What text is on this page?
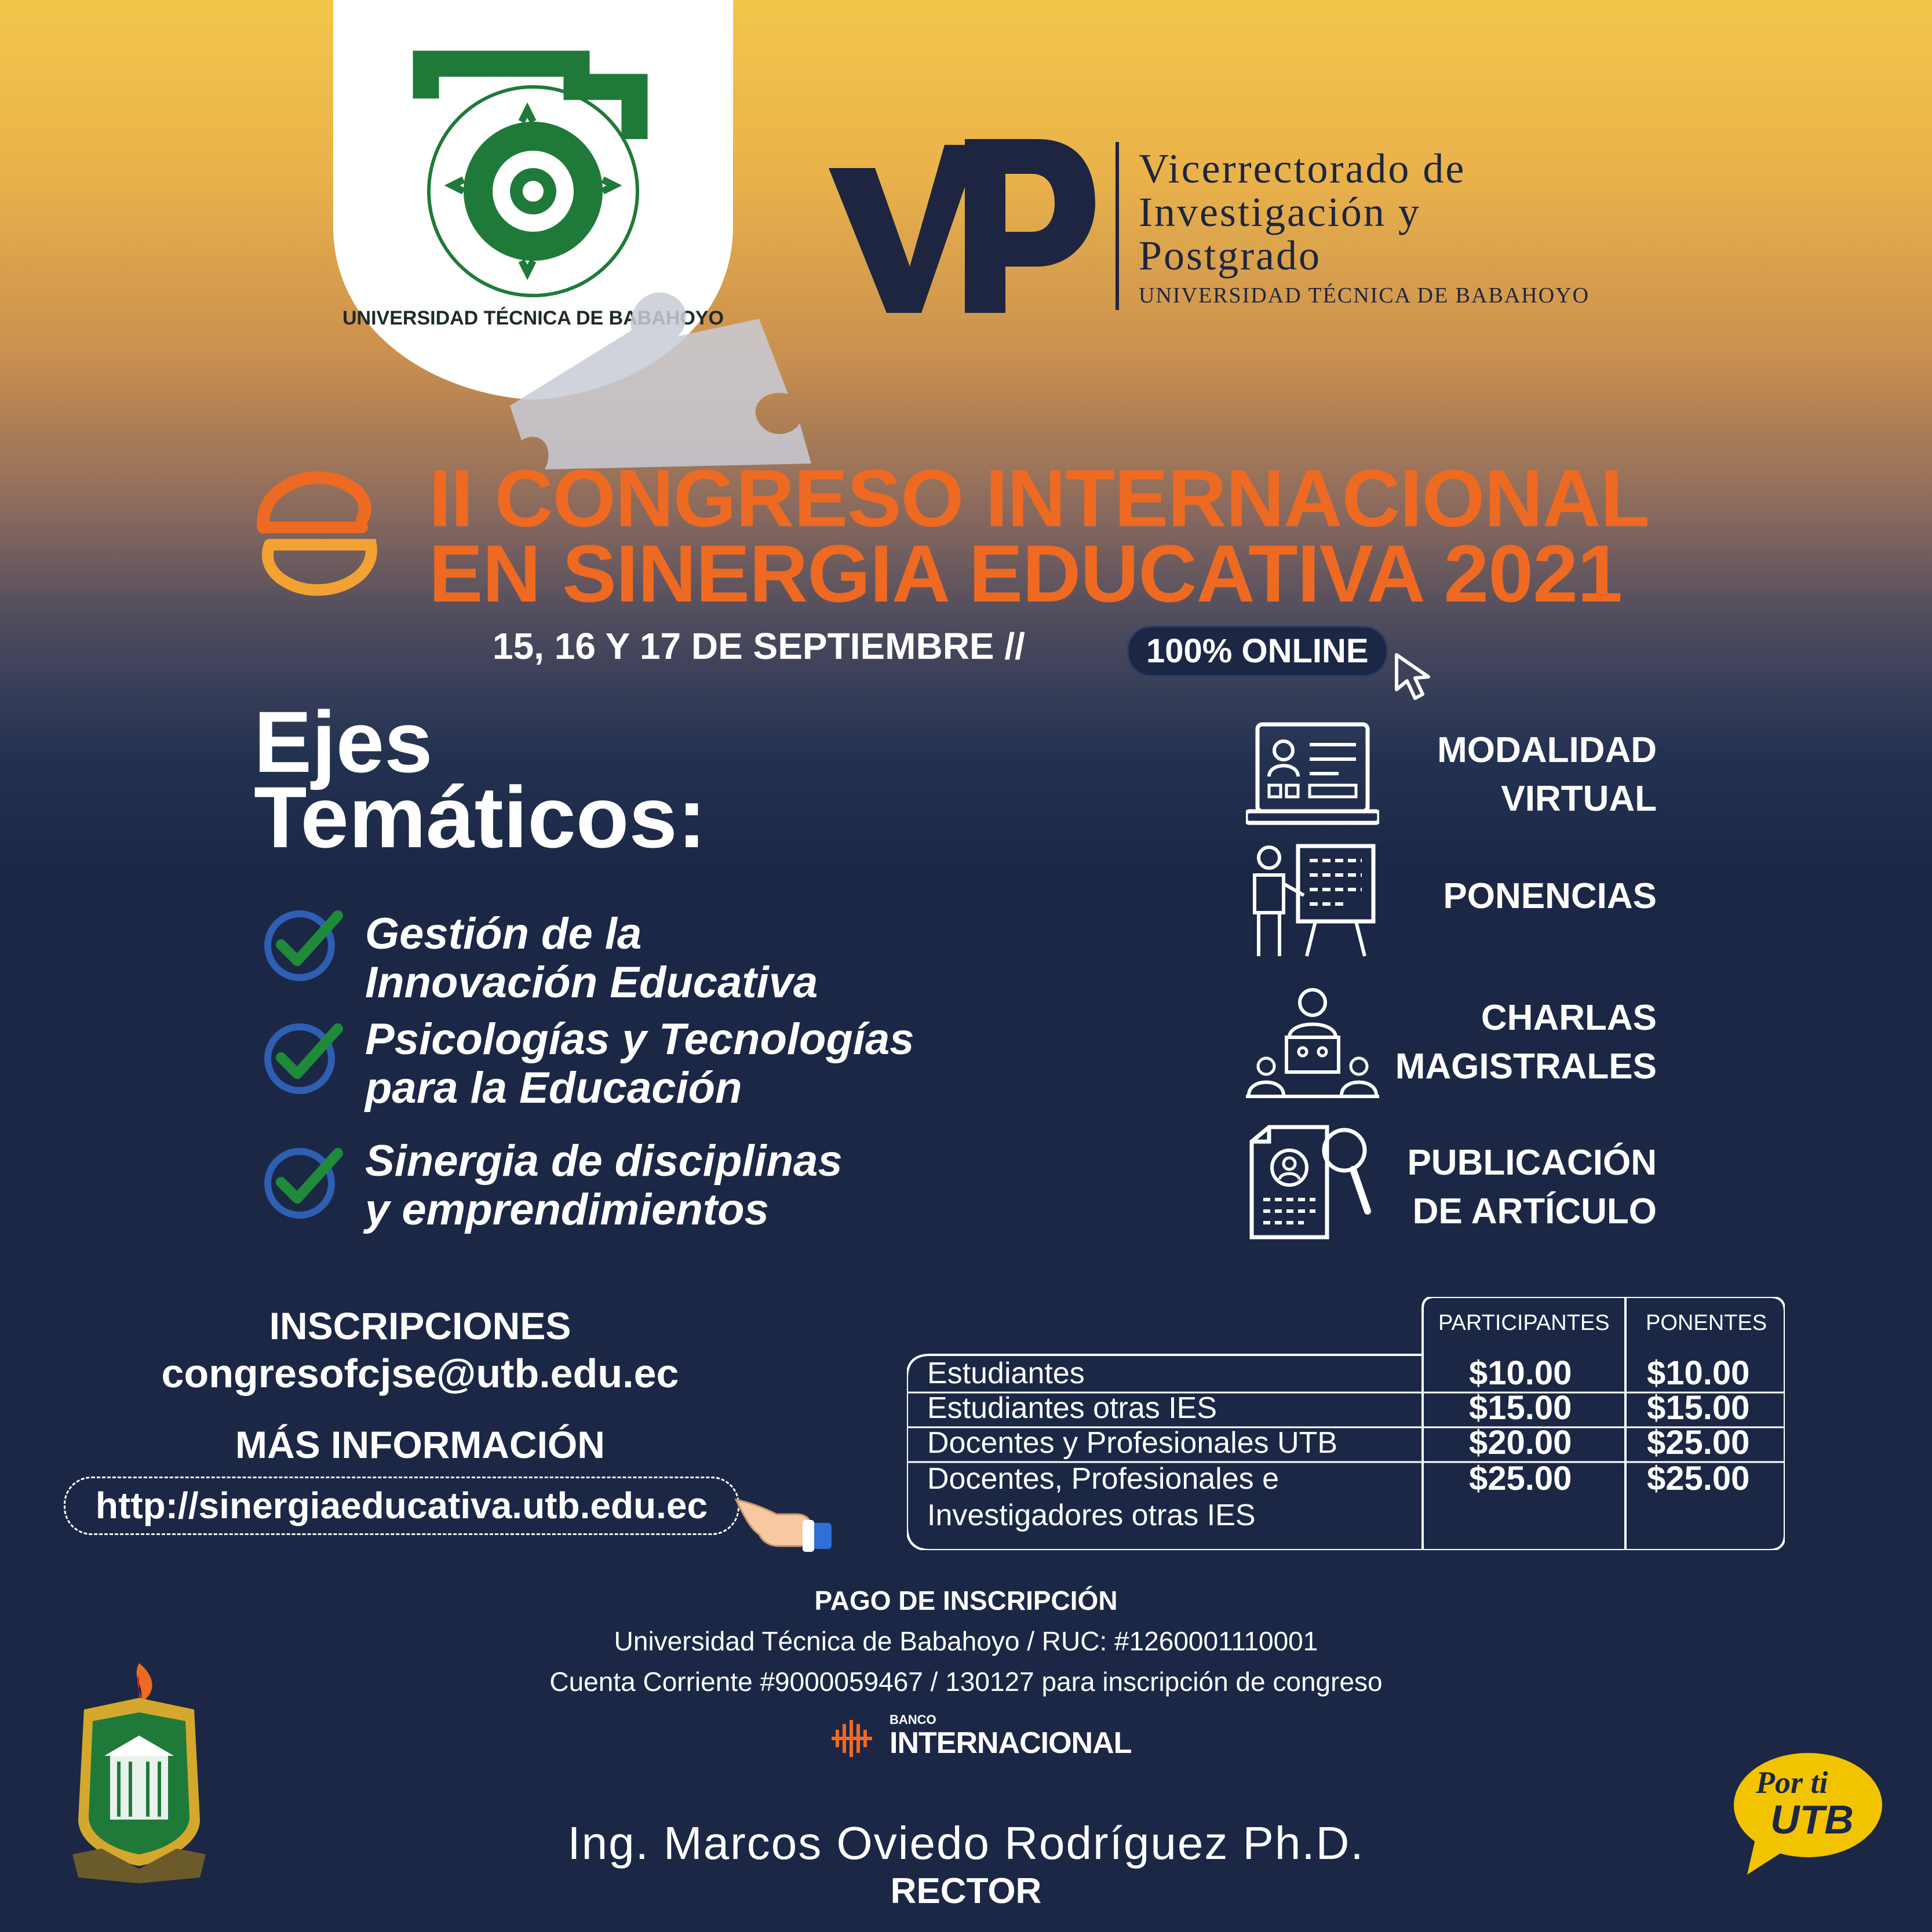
UNIVERSIDAD TÉCNICA DE BABAHOYO
Vicerrectorado de
Investigación y
Postgrado
UNIVERSIDAD TÉCNICA DE BABAHOYO
II CONGRESO INTERNACIONAL
EN SINERGIA EDUCATIVA 2021
15, 16 Y 17 DE SEPTIEMBRE //	100% ONLINE
Ejes
Temáticos:
Gestión de la
Innovación Educativa
Psicologías y Tecnologías
para la Educación
Sinergia de disciplinas
y emprendimientos
MODALIDAD
VIRTUAL
PONENCIAS
CHARLAS
MAGISTRALES
PUBLICACIÓN
DE ARTÍCULO
INSCRIPCIONES
congresofcjse@utb.edu.ec
MÁS INFORMACIÓN
http://sinergiaeducativa.utb.edu.ec
PARTICIPANTES PONENTES
Estudiantes	$10.00 $10.00
Estudiantes otras IES	$15.00 $15.00
Docentes y Profesionales UTB	$20.00 $25.00
Docentes, Profesionales e
Investigadores otras IES
$25.00 $25.00
PAGO DE INSCRIPCIÓN
Universidad Técnica de Babahoyo / RUC: #1260001110001
Cuenta Corriente #9000059467 / 130127 para inscripción de congreso
BANCO
INTERNACIONAL
Ing. Marcos Oviedo Rodríguez Ph.D.
RECTOR
Por ti
UTB
